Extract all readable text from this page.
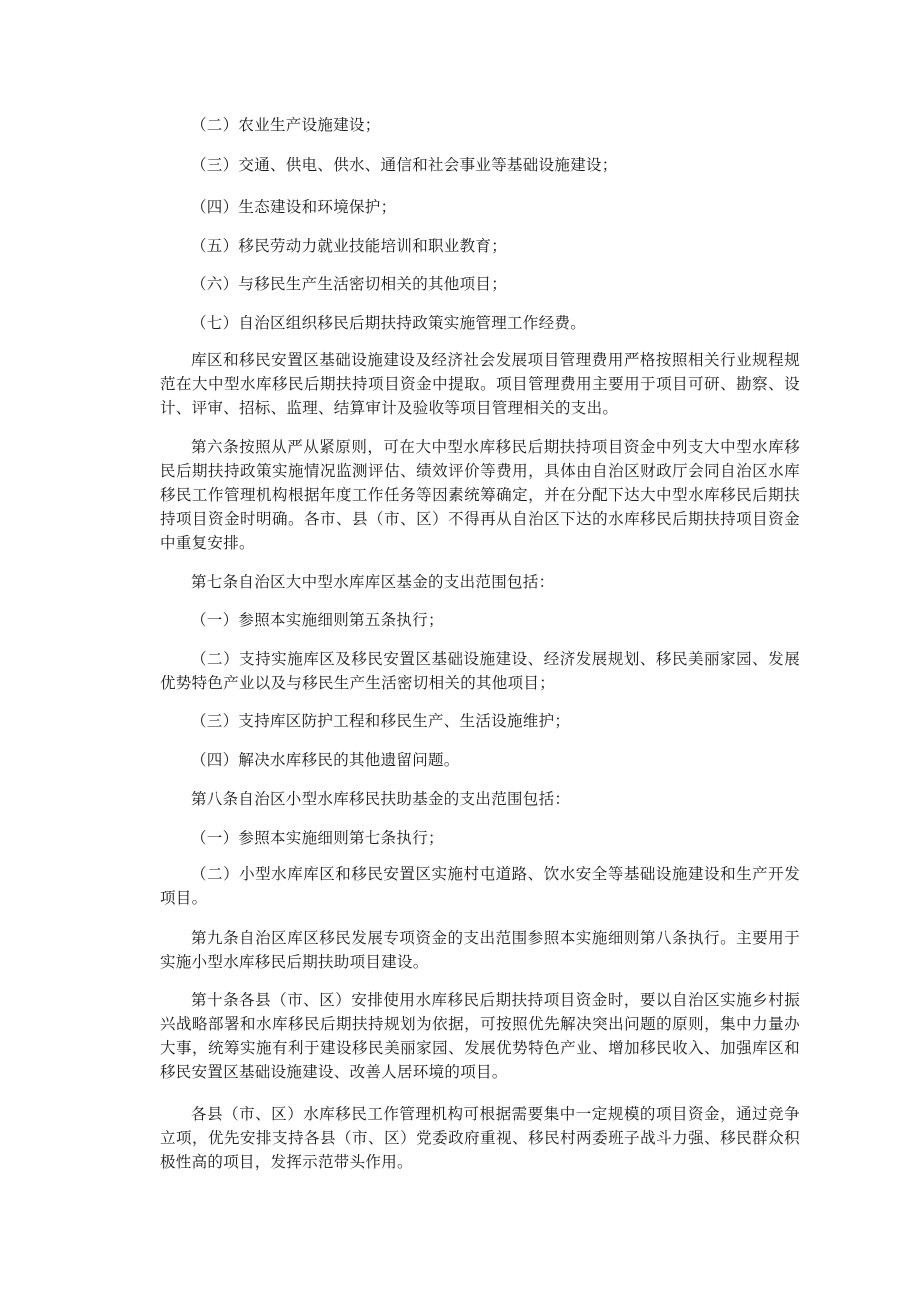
（二）农业生产设施建设；

（三）交通、供电、供水、通信和社会事业等基础设施建设；

（四）生态建设和环境保护；

（五）移民劳动力就业技能培训和职业教育；

（六）与移民生产生活密切相关的其他项目；

（七）自治区组织移民后期扶持政策实施管理工作经费。

库区和移民安置区基础设施建设及经济社会发展项目管理费用严格按照相关行业规程规范在大中型水库移民后期扶持项目资金中提取。项目管理费用主要用于项目可研、勘察、设计、评审、招标、监理、结算审计及验收等项目管理相关的支出。

第六条按照从严从紧原则，可在大中型水库移民后期扶持项目资金中列支大中型水库移民后期扶持政策实施情况监测评估、绩效评价等费用，具体由自治区财政厅会同自治区水库移民工作管理机构根据年度工作任务等因素统筹确定，并在分配下达大中型水库移民后期扶持项目资金时明确。各市、县（市、区）不得再从自治区下达的水库移民后期扶持项目资金中重复安排。

第七条自治区大中型水库库区基金的支出范围包括：

（一）参照本实施细则第五条执行；

（二）支持实施库区及移民安置区基础设施建设、经济发展规划、移民美丽家园、发展优势特色产业以及与移民生产生活密切相关的其他项目；

（三）支持库区防护工程和移民生产、生活设施维护；

（四）解决水库移民的其他遗留问题。

第八条自治区小型水库移民扶助基金的支出范围包括：

（一）参照本实施细则第七条执行；

（二）小型水库库区和移民安置区实施村屯道路、饮水安全等基础设施建设和生产开发项目。

第九条自治区库区移民发展专项资金的支出范围参照本实施细则第八条执行。主要用于实施小型水库移民后期扶助项目建设。

第十条各县（市、区）安排使用水库移民后期扶持项目资金时，要以自治区实施乡村振兴战略部署和水库移民后期扶持规划为依据，可按照优先解决突出问题的原则，集中力量办大事，统筹实施有利于建设移民美丽家园、发展优势特色产业、增加移民收入、加强库区和移民安置区基础设施建设、改善人居环境的项目。

各县（市、区）水库移民工作管理机构可根据需要集中一定规模的项目资金，通过竞争立项，优先安排支持各县（市、区）党委政府重视、移民村两委班子战斗力强、移民群众积极性高的项目，发挥示范带头作用。
